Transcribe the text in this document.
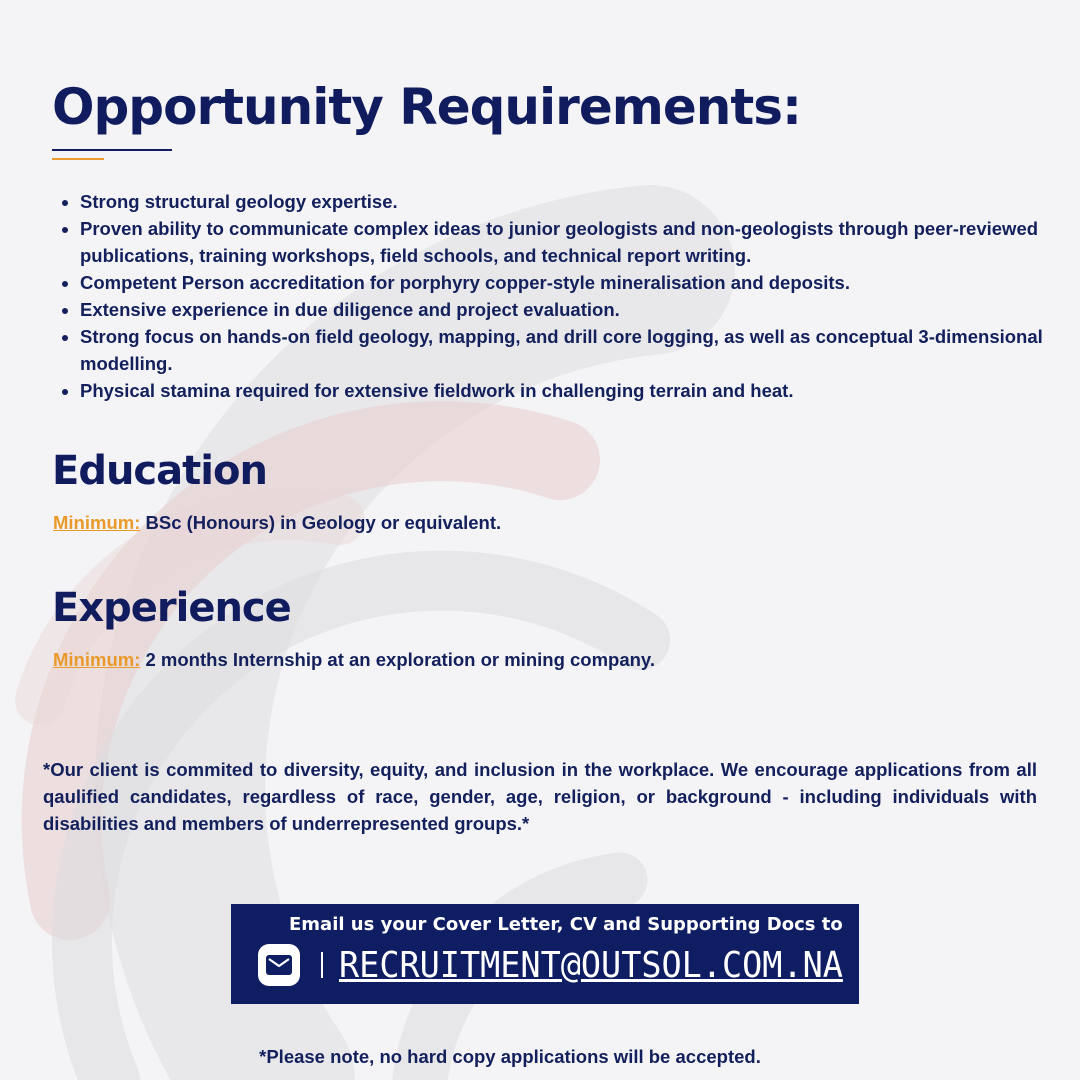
Opportunity Requirements:
• Strong structural geology expertise.
• Proven ability to communicate complex ideas to junior geologists and non-geologists through peer-reviewed publications, training workshops, field schools, and technical report writing.
• Competent Person accreditation for porphyry copper-style mineralisation and deposits.
• Extensive experience in due diligence and project evaluation.
• Strong focus on hands-on field geology, mapping, and drill core logging, as well as conceptual 3-dimensional modelling.
• Physical stamina required for extensive fieldwork in challenging terrain and heat.
Education
Minimum: BSc (Honours) in Geology or equivalent.
Experience
Minimum: 2 months Internship at an exploration or mining company.

*Our client is commited to diversity, equity, and inclusion in the workplace. We encourage applications from all qaulified candidates, regardless of race, gender, age, religion, or background - including individuals with disabilities and members of underrepresented groups.*

Email us your Cover Letter, CV and Supporting Docs to

RECRUITMENT@OUTSOL.COM.NA

*Please note, no hard copy applications will be accepted.
